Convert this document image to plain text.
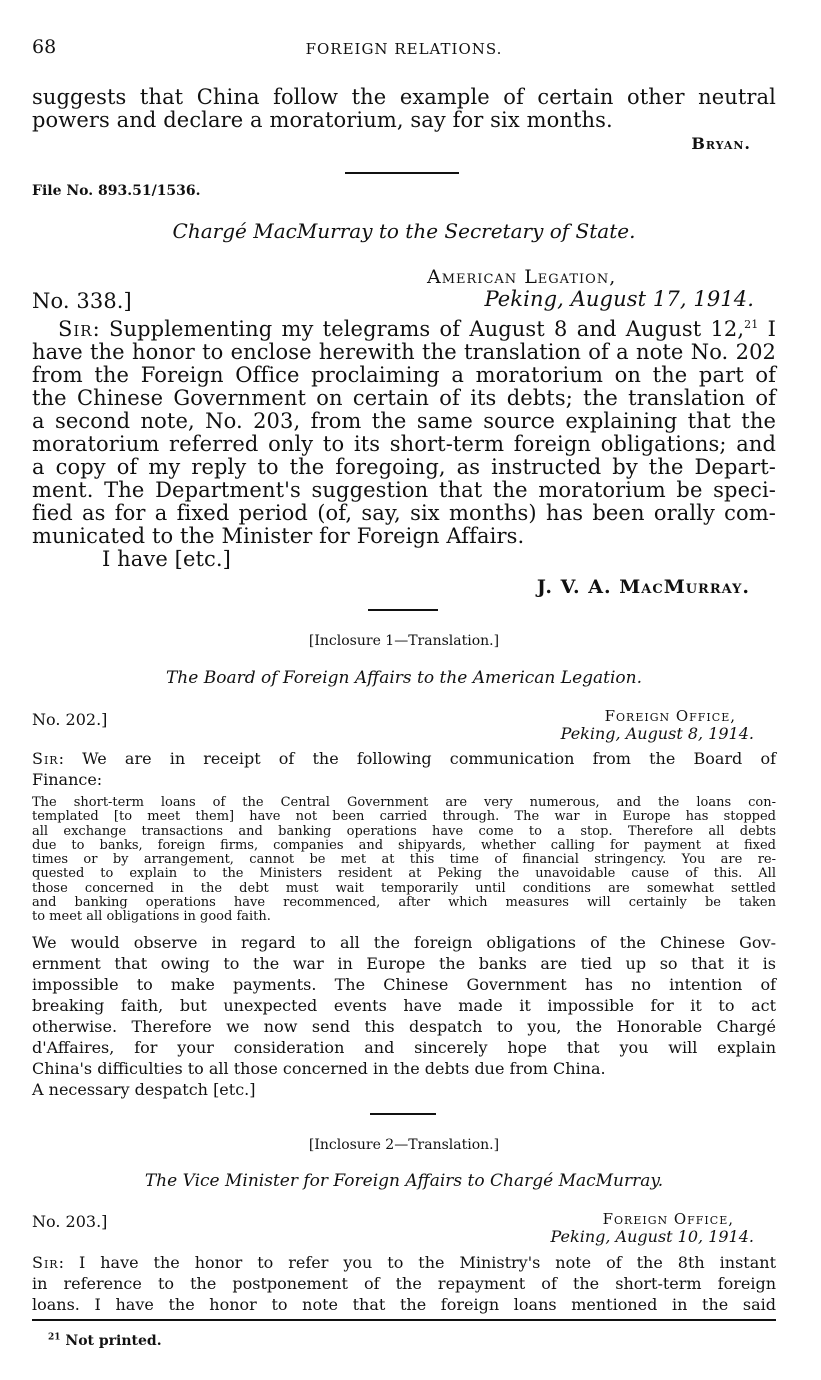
68	FOREIGN RELATIONS.
suggests that China follow the example of certain other neutral
powers and declare a moratorium, say for six months.
Bryan.
File No. 893.51/1536.
Chargé MacMurray to the Secretary of State.
American Legation,
No. 338.]	Peking, August 17, 1914.
Sir: Supplementing my telegrams of August 8 and August 12,21 I
have the honor to enclose herewith the translation of a note No. 202
from the Foreign Office proclaiming a moratorium on the part of
the Chinese Government on certain of its debts; the translation of
a second note, No. 203, from the same source explaining that the
moratorium referred only to its short-term foreign obligations; and
a copy of my reply to the foregoing, as instructed by the Depart-
ment. The Department's suggestion that the moratorium be speci-
fied as for a fixed period (of, say, six months) has been orally com-
municated to the Minister for Foreign Affairs.
I have [etc.]
J. V. A. MacMurray.
[Inclosure 1—Translation.]
The Board of Foreign Affairs to the American Legation.
No. 202.]	Foreign Office,
Peking, August 8, 1914.
Sir: We are in receipt of the following communication from the Board of
Finance:
The short-term loans of the Central Government are very numerous, and the loans con-
templated [to meet them] have not been carried through. The war in Europe has stopped
all exchange transactions and banking operations have come to a stop. Therefore all debts
due to banks, foreign firms, companies and shipyards, whether calling for payment at fixed
times or by arrangement, cannot be met at this time of financial stringency. You are re-
quested to explain to the Ministers resident at Peking the unavoidable cause of this. All
those concerned in the debt must wait temporarily until conditions are somewhat settled
and banking operations have recommenced, after which measures will certainly be taken
to meet all obligations in good faith.
We would observe in regard to all the foreign obligations of the Chinese Gov-
ernment that owing to the war in Europe the banks are tied up so that it is
impossible to make payments. The Chinese Government has no intention of
breaking faith, but unexpected events have made it impossible for it to act
otherwise. Therefore we now send this despatch to you, the Honorable Chargé
d'Affaires, for your consideration and sincerely hope that you will explain
China's difficulties to all those concerned in the debts due from China.
A necessary despatch [etc.]
[Inclosure 2—Translation.]
The Vice Minister for Foreign Affairs to Chargé MacMurray.
No. 203.]	Foreign Office,
Peking, August 10, 1914.
Sir: I have the honor to refer you to the Ministry's note of the 8th instant
in reference to the postponement of the repayment of the short-term foreign
loans. I have the honor to note that the foreign loans mentioned in the said
$^{21}$ Not printed.
